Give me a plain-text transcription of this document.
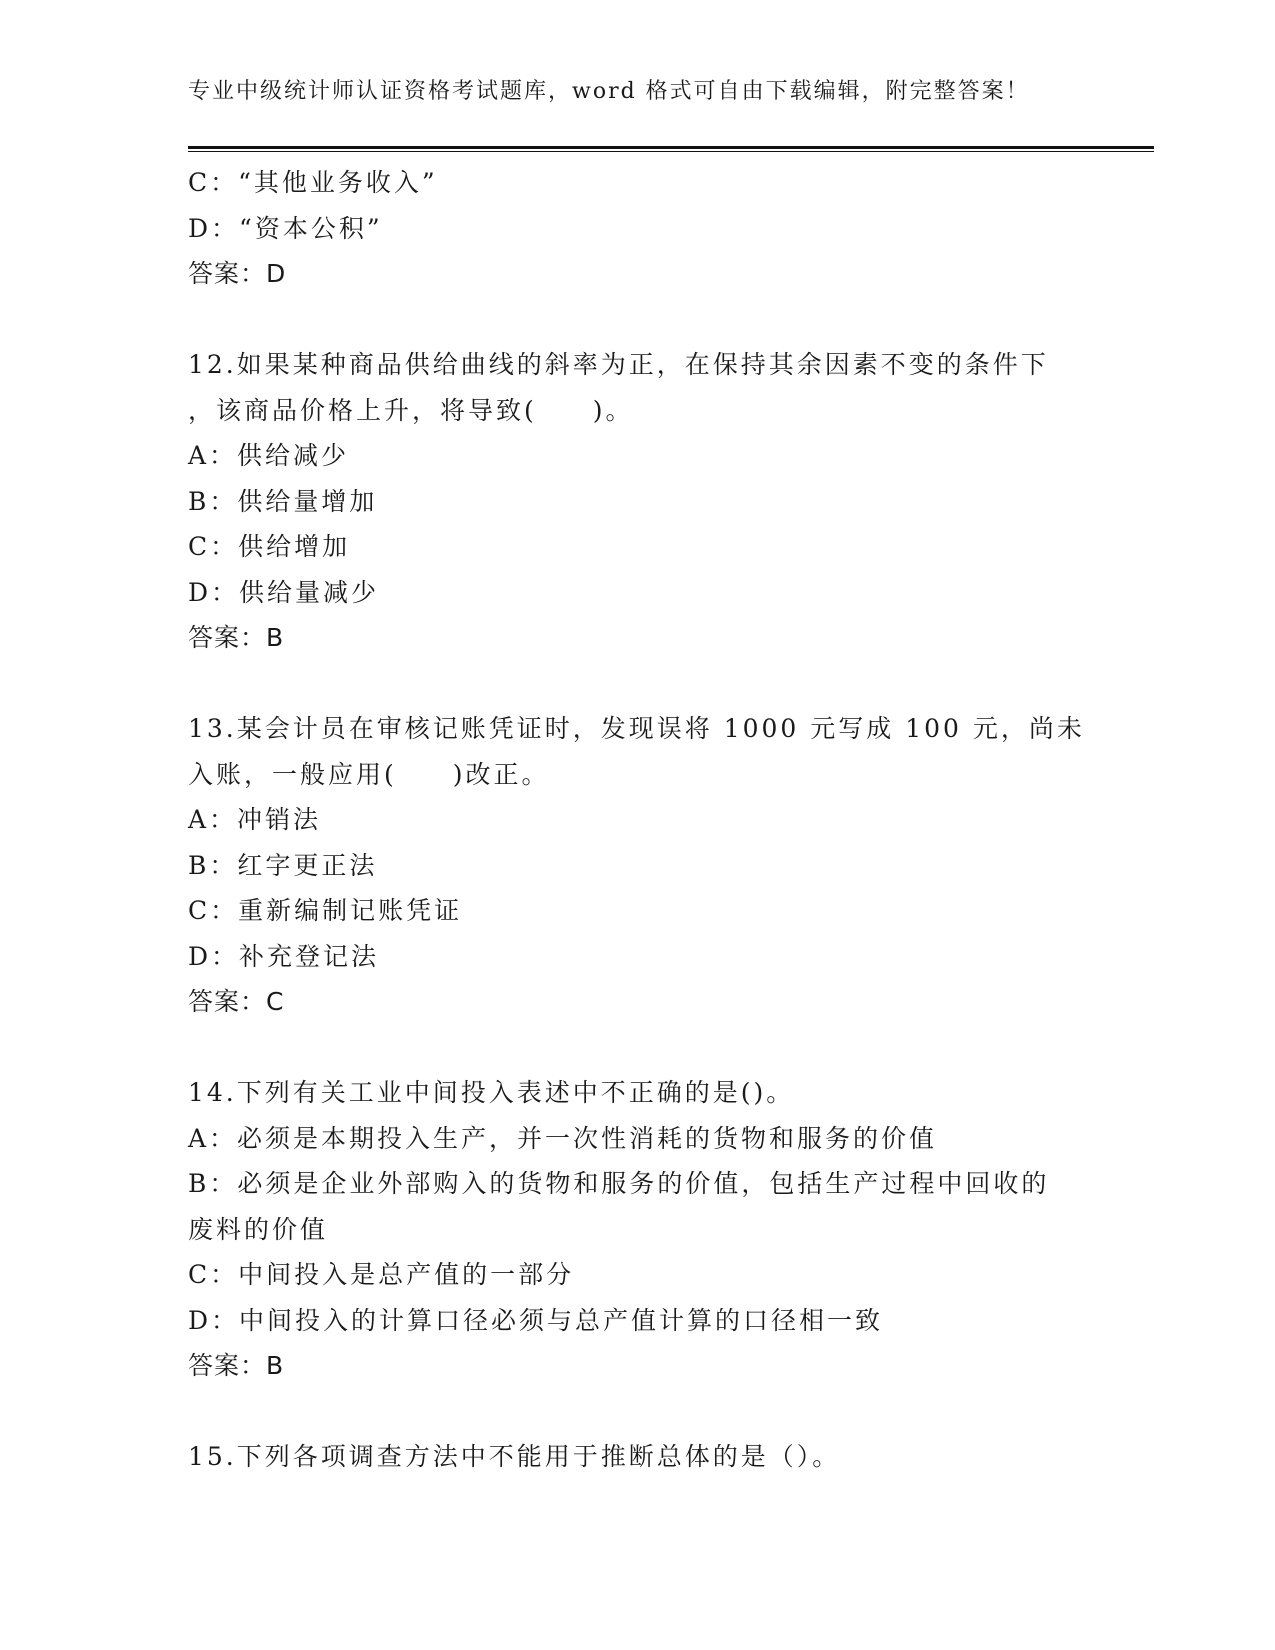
专业中级统计师认证资格考试题库，word 格式可自由下载编辑，附完整答案！
C：“其他业务收入”
D：“资本公积”
答案：D
12.如果某种商品供给曲线的斜率为正，在保持其余因素不变的条件下
，该商品价格上升，将导致(　　)。
A：供给减少
B：供给量增加
C：供给增加
D：供给量减少
答案：B
13.某会计员在审核记账凭证时，发现误将 1000 元写成 100 元，尚未
入账，一般应用(　　)改正。
A：冲销法
B：红字更正法
C：重新编制记账凭证
D：补充登记法
答案：C
14.下列有关工业中间投入表述中不正确的是()。
A：必须是本期投入生产，并一次性消耗的货物和服务的价值
B：必须是企业外部购入的货物和服务的价值，包括生产过程中回收的
废料的价值
C：中间投入是总产值的一部分
D：中间投入的计算口径必须与总产值计算的口径相一致
答案：B
15.下列各项调查方法中不能用于推断总体的是（）。
